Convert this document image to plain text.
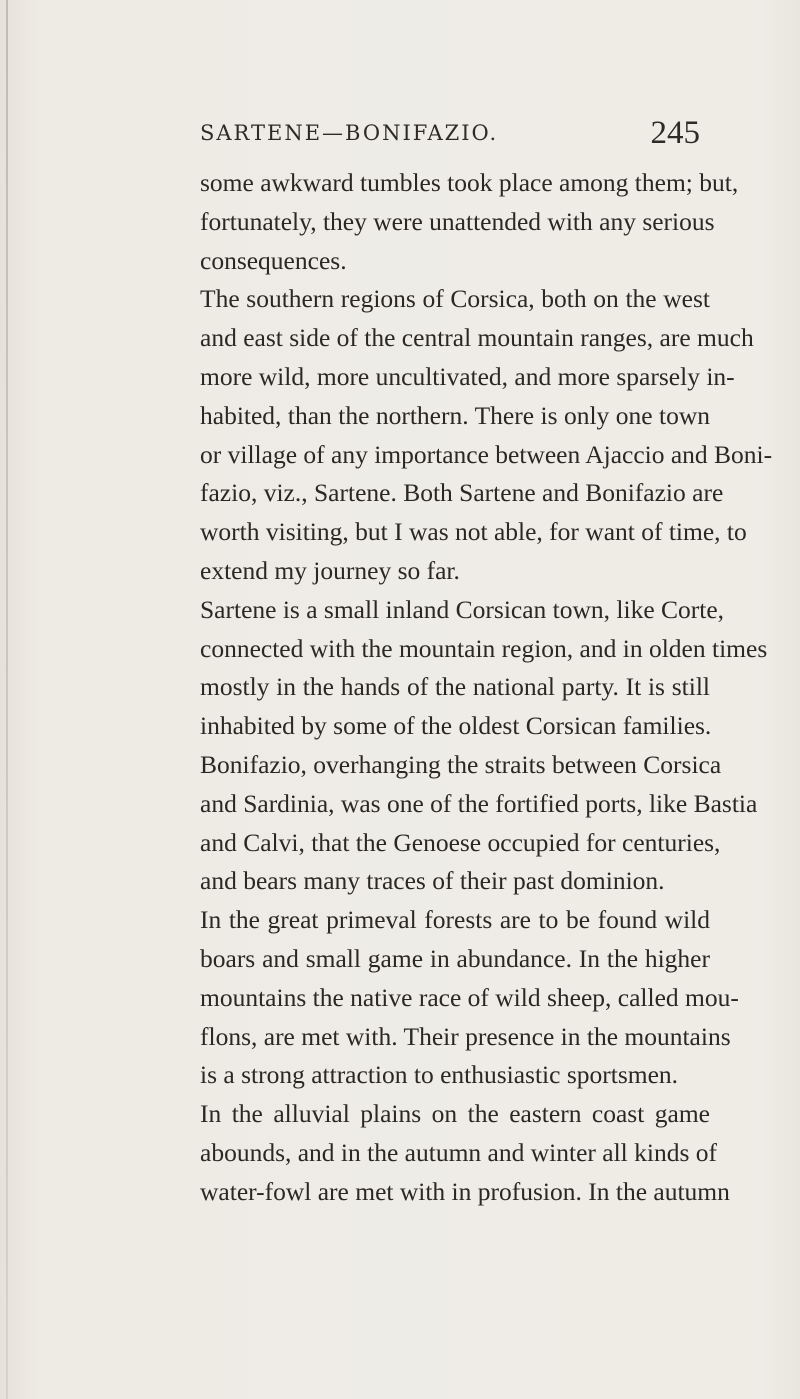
SARTENE—BONIFAZIO.	245
some awkward tumbles took place among them; but,
fortunately, they were unattended with any serious
consequences.
The southern regions of Corsica, both on the west
and east side of the central mountain ranges, are much
more wild, more uncultivated, and more sparsely in-
habited, than the northern. There is only one town
or village of any importance between Ajaccio and Boni-
fazio, viz., Sartene. Both Sartene and Bonifazio are
worth visiting, but I was not able, for want of time, to
extend my journey so far.
Sartene is a small inland Corsican town, like Corte,
connected with the mountain region, and in olden times
mostly in the hands of the national party. It is still
inhabited by some of the oldest Corsican families.
Bonifazio, overhanging the straits between Corsica
and Sardinia, was one of the fortified ports, like Bastia
and Calvi, that the Genoese occupied for centuries,
and bears many traces of their past dominion.
In the great primeval forests are to be found wild
boars and small game in abundance. In the higher
mountains the native race of wild sheep, called mou-
flons, are met with. Their presence in the mountains
is a strong attraction to enthusiastic sportsmen.
In the alluvial plains on the eastern coast game
abounds, and in the autumn and winter all kinds of
water-fowl are met with in profusion. In the autumn
